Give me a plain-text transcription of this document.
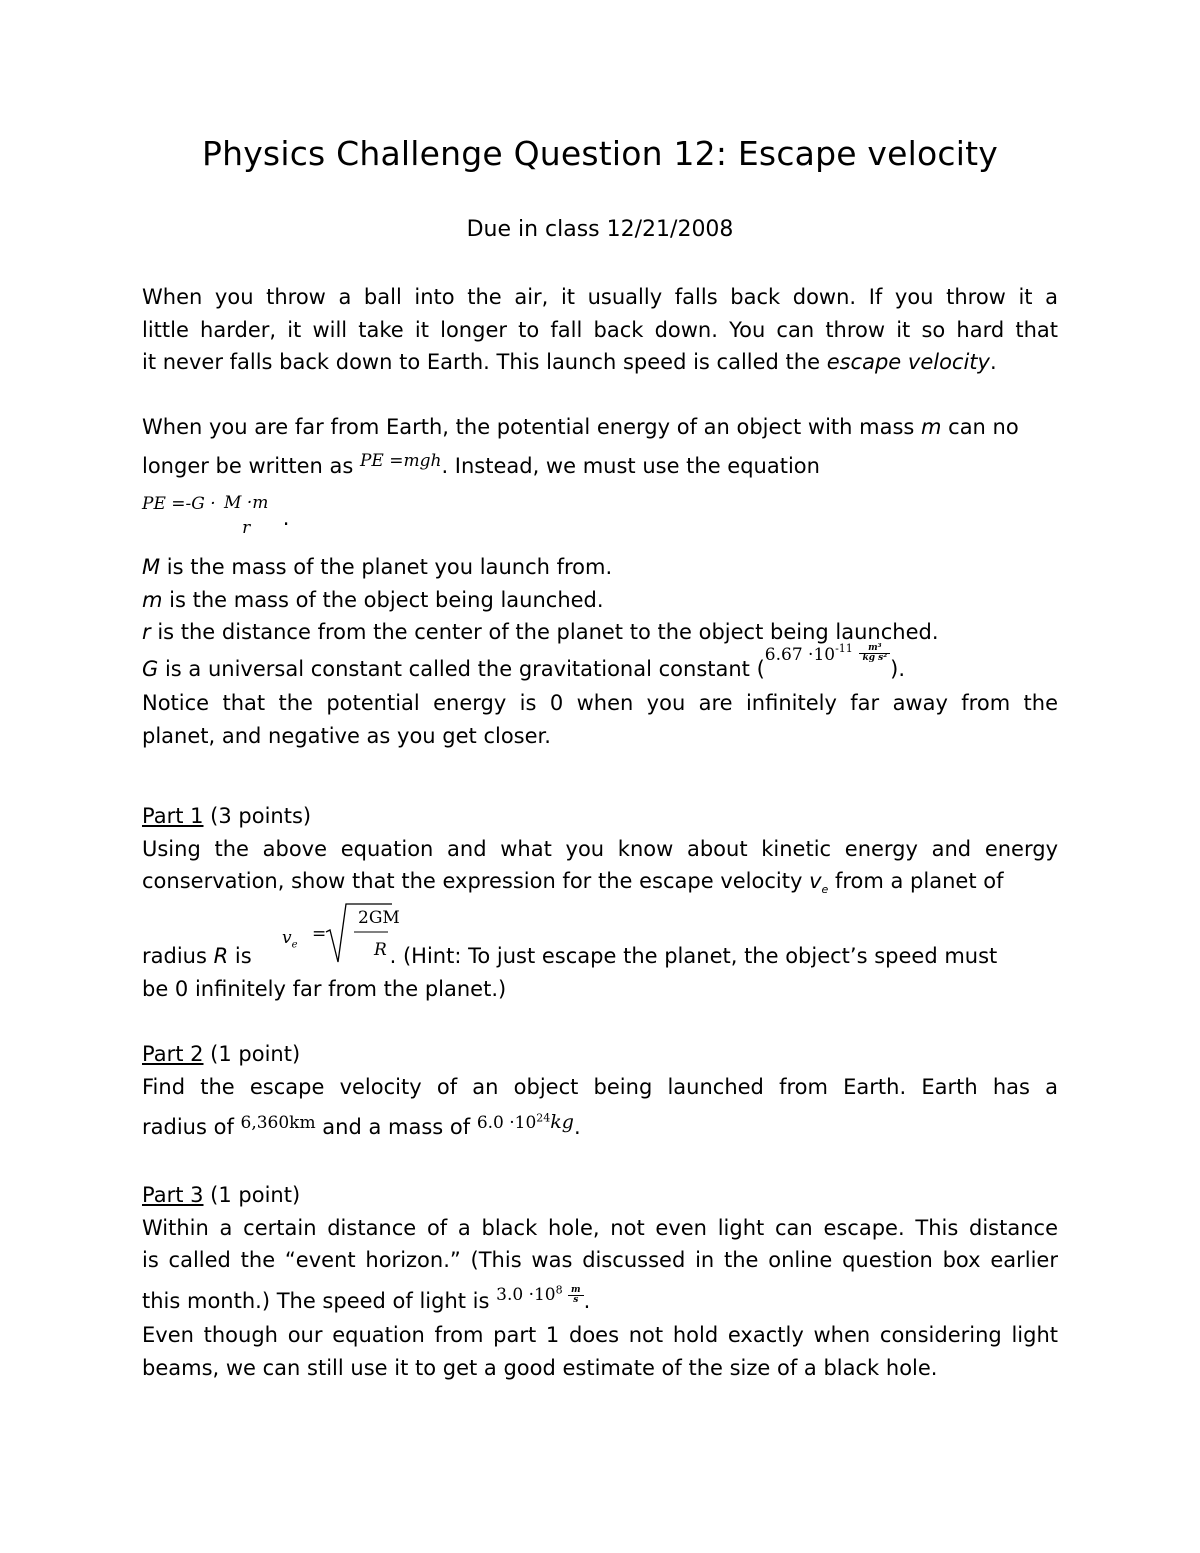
Physics Challenge Question 12: Escape velocity
Due in class 12/21/2008
When you throw a ball into the air, it usually falls back down. If you throw it a
little harder, it will take it longer to fall back down. You can throw it so hard that
it never falls back down to Earth. This launch speed is called the escape velocity.
When you are far from Earth, the potential energy of an object with mass m can no
longer be written as $^{PE =mgh}$. Instead, we must use the equation
PE =-G · M ·m
r	.
M is the mass of the planet you launch from.
m is the mass of the object being launched.
r is the distance from the center of the planet to the object being launched.
G is a universal constant called the gravitational constant ($6.67 \cdot 10^{-11} \frac{\text{m³}}{\text{kg s²}}$
).
Notice that the potential energy is 0 when you are infinitely far away from the
planet, and negative as you get closer.
Part 1 (3 points)
Using the above equation and what you know about kinetic energy and energy
conservation, show that the expression for the escape velocity $v_e$ from a planet of
$v_e$
=
2GM
R
radius R is	. (Hint: To just escape the planet, the object’s speed must
be 0 infinitely far from the planet.)
Part 2 (1 point)
Find the escape velocity of an object being launched from Earth. Earth has a
radius of $^{6,360km}$ and a mass of $^{6.0 \cdot 10^{24}kg}$.
Part 3 (1 point)
Within a certain distance of a black hole, not even light can escape. This distance
is called the “event horizon.” (This was discussed in the online question box earlier
this month.) The speed of light is $^{3.0 \cdot 10^8 \frac{m}{s}}$ .
Even though our equation from part 1 does not hold exactly when considering light
beams, we can still use it to get a good estimate of the size of a black hole.
